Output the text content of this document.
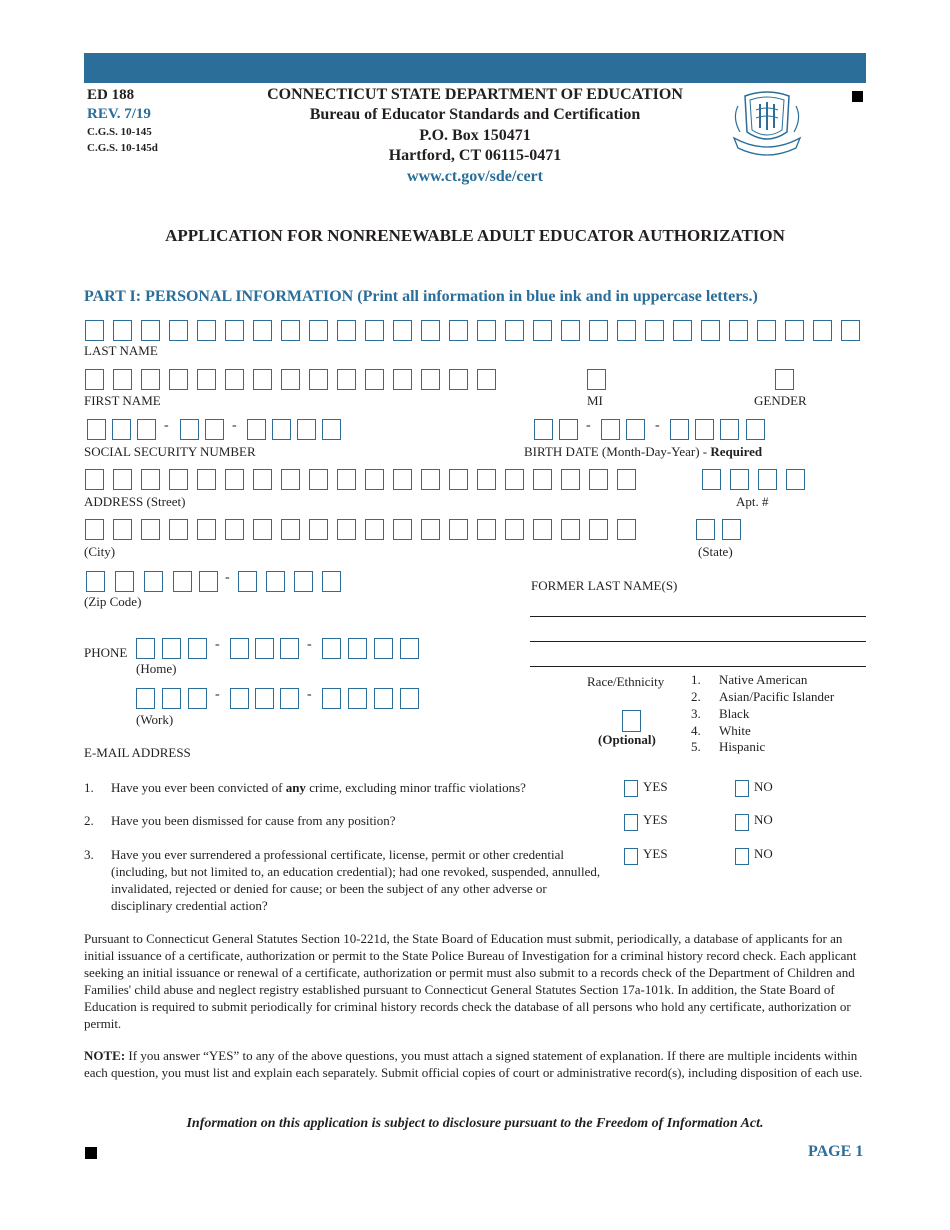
ED 188
REV. 7/19
C.G.S. 10-145
C.G.S. 10-145d
CONNECTICUT STATE DEPARTMENT OF EDUCATION
Bureau of Educator Standards and Certification
P.O. Box 150471
Hartford, CT 06115-0471
www.ct.gov/sde/cert
APPLICATION FOR NONRENEWABLE ADULT EDUCATOR AUTHORIZATION
PART I: PERSONAL INFORMATION (Print all information in blue ink and in uppercase letters.)
LAST NAME
FIRST NAME	MI	GENDER
-	-	-	-
SOCIAL SECURITY NUMBER	BIRTH DATE (Month-Day-Year) - Required
ADDRESS (Street)	Apt. #
(City)	(State)
-
(Zip Code)
FORMER LAST NAME(S)
PHONE
-	-
(Home)
-	-
(Work)
E-MAIL ADDRESS
Race/Ethnicity
(Optional)
1. Native American
2. Asian/Pacific Islander
3. Black
4. White
5. Hispanic
1. Have you ever been convicted of any crime, excluding minor traffic violations?	YES	NO
2. Have you been dismissed for cause from any position?	YES	NO
3. Have you ever surrendered a professional certificate, license, permit or other credential (including, but not limited to, an education credential); had one revoked, suspended, annulled, invalidated, rejected or denied for cause; or been the subject of any other adverse or disciplinary credential action?
YES	NO
Pursuant to Connecticut General Statutes Section 10-221d, the State Board of Education must submit, periodically, a database of applicants for an initial issuance of a certificate, authorization or permit to the State Police Bureau of Investigation for a criminal history record check. Each applicant seeking an initial issuance or renewal of a certificate, authorization or permit must also submit to a records check of the Department of Children and Families' child abuse and neglect registry established pursuant to Connecticut General Statutes Section 17a-101k. In addition, the State Board of Education is required to submit periodically for criminal history records check the database of all persons who hold any certificate, authorization or permit.
NOTE: If you answer “YES” to any of the above questions, you must attach a signed statement of explanation. If there are multiple incidents within each question, you must list and explain each separately. Submit official copies of court or administrative record(s), including disposition of each use.
Information on this application is subject to disclosure pursuant to the Freedom of Information Act.
PAGE 1
